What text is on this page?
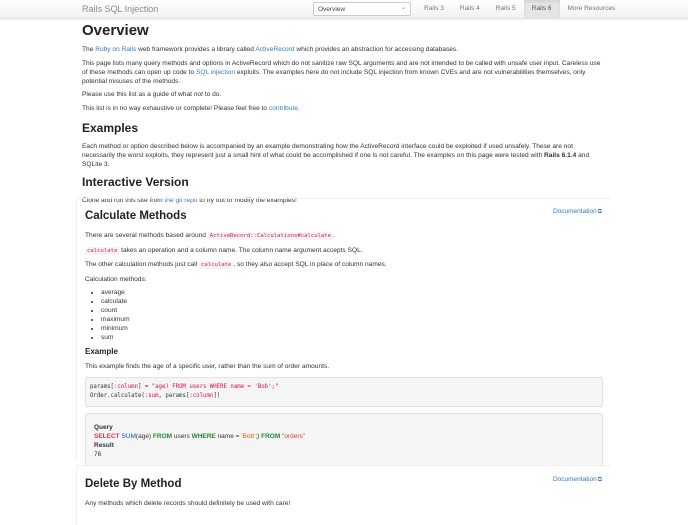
Rails SQL Injection	Overview	⌄	Rails 3	Rails 4	Rails 5	Rails 6	More Resources
Overview

The Ruby on Rails web framework provides a library called ActiveRecord which provides an abstraction for accessing databases.

This page lists many query methods and options in ActiveRecord which do not sanitize raw SQL arguments and are not intended to be called with unsafe user input. Careless use of these methods can open up code to SQL injection exploits. The examples here do not include SQL injection from known CVEs and are not vulnerabilities themselves, only potential misuses of the methods.

Please use this list as a guide of what not to do.

This list is in no way exhaustive or complete! Please feel free to contribute.

Examples

Each method or option described below is accompanied by an example demonstrating how the ActiveRecord interface could be exploited if used unsafely. These are not necessarily the worst exploits, they represent just a small hint of what could be accomplished if one is not careful. The examples on this page were tested with Rails 6.1.4 and SQLite 3.

Interactive Version

Clone and run this site from the git repo to try out or modify the examples!

Documentation⧉
Calculate Methods

There are several methods based around ActiveRecord::Calculations#calculate .

calculate takes an operation and a column name. The column name argument accepts SQL.

The other calculation methods just call calculate , so they also accept SQL in place of column names.

Calculation methods:

• average
• calculate
• count
• maximum
• minimum
• sum
Example

This example finds the age of a specific user, rather than the sum of order amounts.

params[:column] = "age) FROM users WHERE name = 'Bob';"
Order.calculate(:sum, params[:column])
Query
SELECT SUM(age) FROM users WHERE name = 'Bob';) FROM "orders"
Result
76
Documentation⧉
Delete By Method

Any methods which delete records should definitely be used with care!
